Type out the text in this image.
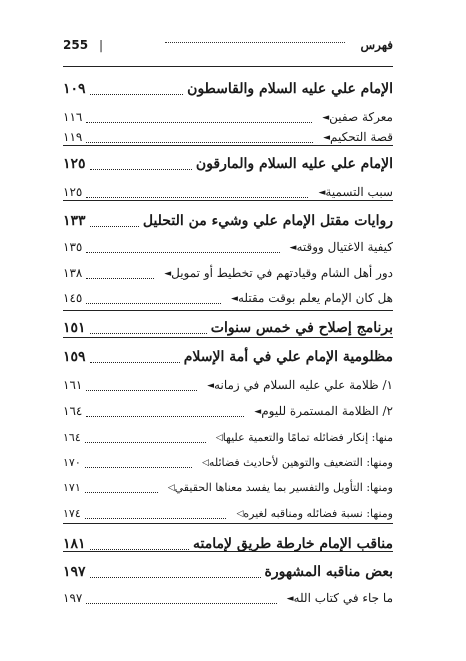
فهرس
|
255
الإمام علي عليه السلام والقاسطون
١٠٩
◄معركة صفين
١١٦
◄قصة التحكيم
١١٩
الإمام علي عليه السلام والمارقون
١٢٥
◄سبب التسمية
١٢٥
روايات مقتل الإمام علي وشيء من التحليل
١٣٣
◄كيفية الاغتيال ووقته
١٣٥
◄دور أهل الشام وقيادتهم في تخطيط أو تمويل
١٣٨
◄هل كان الإمام يعلم بوقت مقتله
١٤٥
برنامج إصلاح في خمس سنوات
١٥١
مظلومية الإمام علي في أمة الإسلام
١٥٩
◄١/ ظلامة علي عليه السلام في زمانه
١٦١
◄٢/ الظلامة المستمرة لليوم
١٦٤
◁منها: إنكار فضائله تمامًا والتعمية عليها
١٦٤
◁ومنها: التضعيف والتوهين لأحاديث فضائله
١٧٠
◁ومنها: التأويل والتفسير بما يفسد معناها الحقيقي
١٧١
◁ومنها: نسبة فضائله ومناقبه لغيره
١٧٤
مناقب الإمام خارطة طريق لإمامته
١٨١
بعض مناقبه المشهورة
١٩٧
◄ما جاء في كتاب الله
١٩٧
